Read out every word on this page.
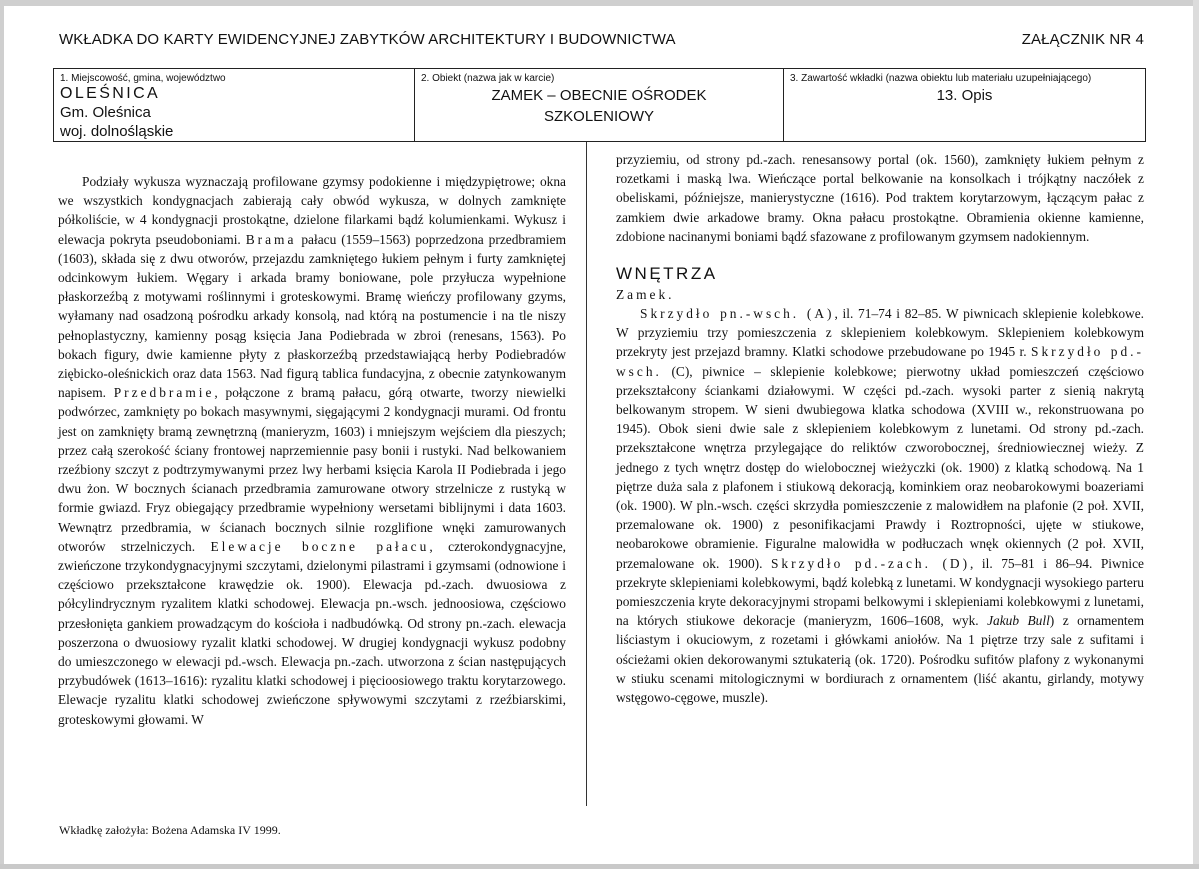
WKŁADKA DO KARTY EWIDENCYJNEJ ZABYTKÓW ARCHITEKTURY I BUDOWNICTWA	ZAŁĄCZNIK NR 4
1. Miejscowość, gmina, województwo
OLEŚNICA
Gm. Oleśnica
woj. dolnośląskie
2. Obiekt (nazwa jak w karcie)
ZAMEK – OBECNIE OŚRODEK
SZKOLENIOWY
3. Zawartość wkładki (nazwa obiektu lub materiału uzupełniającego)
13. Opis

Podziały wykusza wyznaczają profilowane gzymsy podokienne i międzypiętrowe; okna we wszystkich kondygnacjach zabierają cały obwód wykusza, w dolnych zamknięte półkoliście, w 4 kondygnacji prostokątne, dzielone filarkami bądź kolumienkami. Wykusz i elewacja pokryta pseudoboniami. Brama pałacu (1559–1563) poprzedzona przedbramiem (1603), składa się z dwu otworów, przejazdu zamkniętego łukiem pełnym i furty zamkniętej odcinkowym łukiem. Węgary i arkada bramy boniowane, pole przyłucza wypełnione płaskorzeźbą z motywami roślinnymi i groteskowymi. Bramę wieńczy profilowany gzyms, wyłamany nad osadzoną pośrodku arkady konsolą, nad którą na postumencie i na tle niszy pełnoplastyczny, kamienny posąg księcia Jana Podiebrada w zbroi (renesans, 1563). Po bokach figury, dwie kamienne płyty z płaskorzeźbą przedstawiającą herby Podiebradów ziębicko-oleśnickich oraz data 1563. Nad figurą tablica fundacyjna, z obecnie zatynkowanym napisem. Przedbramie, połączone z bramą pałacu, górą otwarte, tworzy niewielki podwórzec, zamknięty po bokach masywnymi, sięgającymi 2 kondygnacji murami. Od frontu jest on zamknięty bramą zewnętrzną (manieryzm, 1603) i mniejszym wejściem dla pieszych; przez całą szerokość ściany frontowej naprzemiennie pasy bonii i rustyki. Nad belkowaniem rzeźbiony szczyt z podtrzymywanymi przez lwy herbami księcia Karola II Podiebrada i jego dwu żon. W bocznych ścianach przedbramia zamurowane otwory strzelnicze z rustyką w formie gwiazd. Fryz obiegający przedbramie wypełniony wersetami biblijnymi i data 1603. Wewnątrz przedbramia, w ścianach bocznych silnie rozglifione wnęki zamurowanych otworów strzelniczych. Elewacje boczne pałacu, czterokondygnacyjne, zwieńczone trzykondygnacyjnymi szczytami, dzielonymi pilastrami i gzymsami (odnowione i częściowo przekształcone krawędzie ok. 1900). Elewacja pd.-zach. dwuosiowa z półcylindrycznym ryzalitem klatki schodowej. Elewacja pn.-wsch. jednoosiowa, częściowo przesłonięta gankiem prowadzącym do kościoła i nadbudówką. Od strony pn.-zach. elewacja poszerzona o dwuosiowy ryzalit klatki schodowej. W drugiej kondygnacji wykusz podobny do umieszczonego w elewacji pd.-wsch. Elewacja pn.-zach. utworzona z ścian następujących przybudówek (1613–1616): ryzalitu klatki schodowej i pięcioosiowego traktu korytarzowego. Elewacje ryzalitu klatki schodowej zwieńczone spływowymi szczytami z rzeźbiarskimi, groteskowymi głowami. W

przyziemiu, od strony pd.-zach. renesansowy portal (ok. 1560), zamknięty łukiem pełnym z rozetkami i maską lwa. Wieńczące portal belkowanie na konsolkach i trójkątny naczółek z obeliskami, późniejsze, manierystyczne (1616). Pod traktem korytarzowym, łączącym pałac z zamkiem dwie arkadowe bramy. Okna pałacu prostokątne. Obramienia okienne kamienne, zdobione nacinanymi boniami bądź sfazowane z profilowanym gzymsem nadokiennym.

WNĘTRZA

Zamek.

Skrzydło pn.-wsch. (A), il. 71–74 i 82–85. W piwnicach sklepienie kolebkowe. W przyziemiu trzy pomieszczenia z sklepieniem kolebkowym. Sklepieniem kolebkowym przekryty jest przejazd bramny. Klatki schodowe przebudowane po 1945 r. Skrzydło pd.-wsch. (C), piwnice – sklepienie kolebkowe; pierwotny układ pomieszczeń częściowo przekształcony ściankami działowymi. W części pd.-zach. wysoki parter z sienią nakrytą belkowanym stropem. W sieni dwubiegowa klatka schodowa (XVIII w., rekonstruowana po 1945). Obok sieni dwie sale z sklepieniem kolebkowym z lunetami. Od strony pd.-zach. przekształcone wnętrza przylegające do reliktów czworobocznej, średniowiecznej wieży. Z jednego z tych wnętrz dostęp do wielobocznej wieżyczki (ok. 1900) z klatką schodową. Na 1 piętrze duża sala z plafonem i stiukową dekoracją, kominkiem oraz neobarokowymi boazeriami (ok. 1900). W pln.-wsch. części skrzydła pomieszczenie z malowidłem na plafonie (2 poł. XVII, przemalowane ok. 1900) z pesonifikacjami Prawdy i Roztropności, ujęte w stiukowe, neobarokowe obramienie. Figuralne malowidła w podłuczach wnęk okiennych (2 poł. XVII, przemalowane ok. 1900). Skrzydło pd.-zach. (D), il. 75–81 i 86–94. Piwnice przekryte sklepieniami kolebkowymi, bądź kolebką z lunetami. W kondygnacji wysokiego parteru pomieszczenia kryte dekoracyjnymi stropami belkowymi i sklepieniami kolebkowymi z lunetami, na których stiukowe dekoracje (manieryzm, 1606–1608, wyk. Jakub Bull) z ornamentem liściastym i okuciowym, z rozetami i główkami aniołów. Na 1 piętrze trzy sale z sufitami i ościeżami okien dekorowanymi sztukaterią (ok. 1720). Pośrodku sufitów plafony z wykonanymi w stiuku scenami mitologicznymi w bordiurach z ornamentem (liść akantu, girlandy, motywy wstęgowo-cęgowe, muszle).

Wkładkę założyła: Bożena Adamska IV 1999.
